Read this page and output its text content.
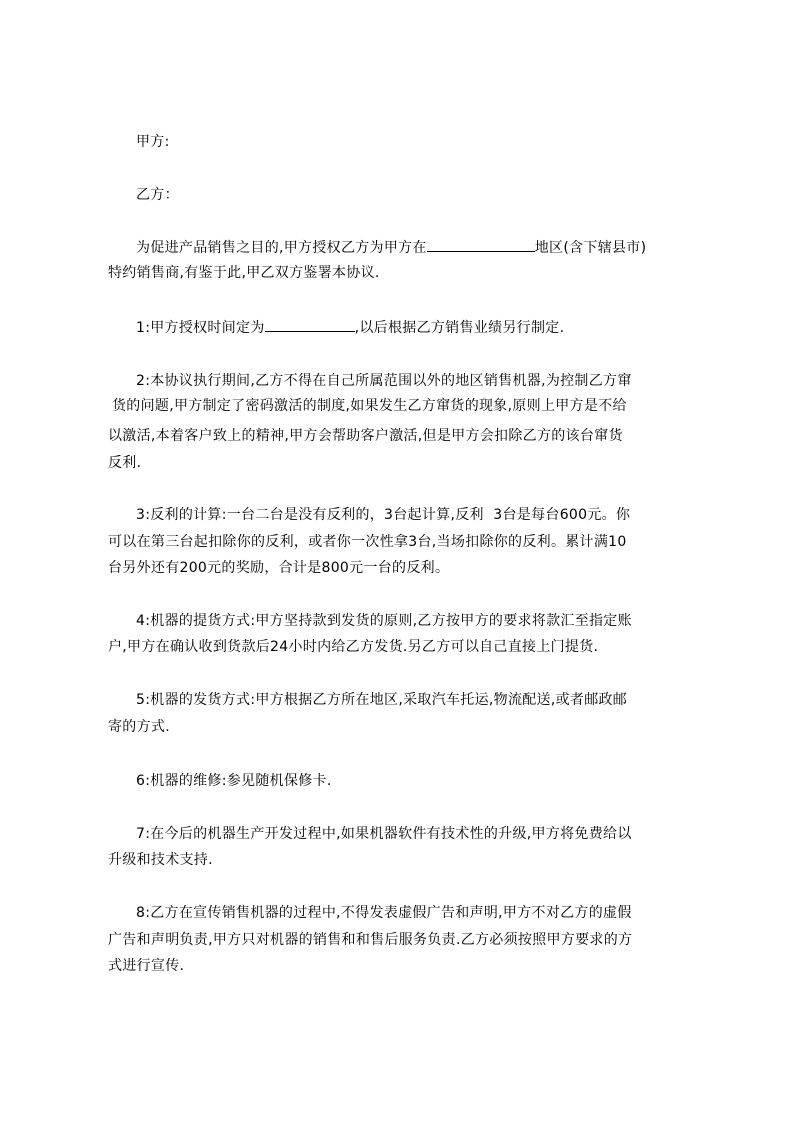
甲方:
乙方：
为促进产品销售之目的,甲方授权乙方为甲方在	地区(含下辖县市)
特约销售商,有鉴于此,甲乙双方鉴署本协议.
1:甲方授权时间定为	,以后根据乙方销售业绩另行制定.
2:本协议执行期间,乙方不得在自己所属范围以外的地区销售机器,为控制乙方窜
货的问题,甲方制定了密码激活的制度,如果发生乙方窜货的现象,原则上甲方是不给
以激活,本着客户致上的精神,甲方会帮助客户激活,但是甲方会扣除乙方的该台窜货
反利.
3:反利的计算:一台二台是没有反利的，3台起计算,反利  3台是每台600元。你
可以在第三台起扣除你的反利，或者你一次性拿3台,当场扣除你的反利。累计满10
台另外还有200元的奖励，合计是800元一台的反利。
4:机器的提货方式:甲方坚持款到发货的原则,乙方按甲方的要求将款汇至指定账
户,甲方在确认收到货款后24小时内给乙方发货.另乙方可以自己直接上门提货.
5:机器的发货方式:甲方根据乙方所在地区,采取汽车托运,物流配送,或者邮政邮
寄的方式.
6:机器的维修:参见随机保修卡.
7:在今后的机器生产开发过程中,如果机器软件有技术性的升级,甲方将免费给以
升级和技术支持.
8:乙方在宣传销售机器的过程中,不得发表虚假广告和声明,甲方不对乙方的虚假
广告和声明负责,甲方只对机器的销售和和售后服务负责.乙方必须按照甲方要求的方
式进行宣传.
